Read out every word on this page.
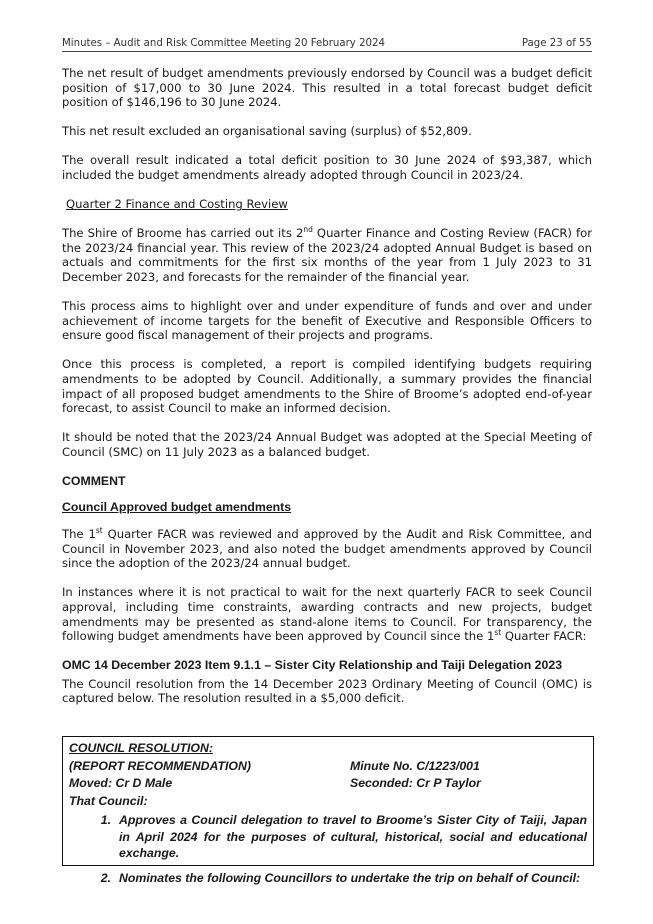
Minutes – Audit and Risk Committee Meeting 20 February 2024	Page 23 of 55

The net result of budget amendments previously endorsed by Council was a budget deficit position of $17,000 to 30 June 2024. This resulted in a total forecast budget deficit position of $146,196 to 30 June 2024.

This net result excluded an organisational saving (surplus) of $52,809.

The overall result indicated a total deficit position to 30 June 2024 of $93,387, which included the budget amendments already adopted through Council in 2023/24.

Quarter 2 Finance and Costing Review

The Shire of Broome has carried out its 2nd Quarter Finance and Costing Review (FACR) for the 2023/24 financial year. This review of the 2023/24 adopted Annual Budget is based on actuals and commitments for the first six months of the year from 1 July 2023 to 31 December 2023, and forecasts for the remainder of the financial year.

This process aims to highlight over and under expenditure of funds and over and under achievement of income targets for the benefit of Executive and Responsible Officers to ensure good fiscal management of their projects and programs.

Once this process is completed, a report is compiled identifying budgets requiring amendments to be adopted by Council. Additionally, a summary provides the financial impact of all proposed budget amendments to the Shire of Broome’s adopted end-of-year forecast, to assist Council to make an informed decision.

It should be noted that the 2023/24 Annual Budget was adopted at the Special Meeting of Council (SMC) on 11 July 2023 as a balanced budget.

COMMENT
Council Approved budget amendments

The 1st Quarter FACR was reviewed and approved by the Audit and Risk Committee, and Council in November 2023, and also noted the budget amendments approved by Council since the adoption of the 2023/24 annual budget.

In instances where it is not practical to wait for the next quarterly FACR to seek Council approval, including time constraints, awarding contracts and new projects, budget amendments may be presented as stand-alone items to Council. For transparency, the following budget amendments have been approved by Council since the 1st Quarter FACR:

OMC 14 December 2023 Item 9.1.1 – Sister City Relationship and Taiji Delegation 2023

The Council resolution from the 14 December 2023 Ordinary Meeting of Council (OMC) is captured below. The resolution resulted in a $5,000 deficit.

COUNCIL RESOLUTION:
(REPORT RECOMMENDATION)	Minute No. C/1223/001
Moved: Cr D Male	Seconded: Cr P Taylor
That Council:
1. Approves a Council delegation to travel to Broome’s Sister City of Taiji, Japan in April 2024 for the purposes of cultural, historical, social and educational exchange.
2. Nominates the following Councillors to undertake the trip on behalf of Council:
